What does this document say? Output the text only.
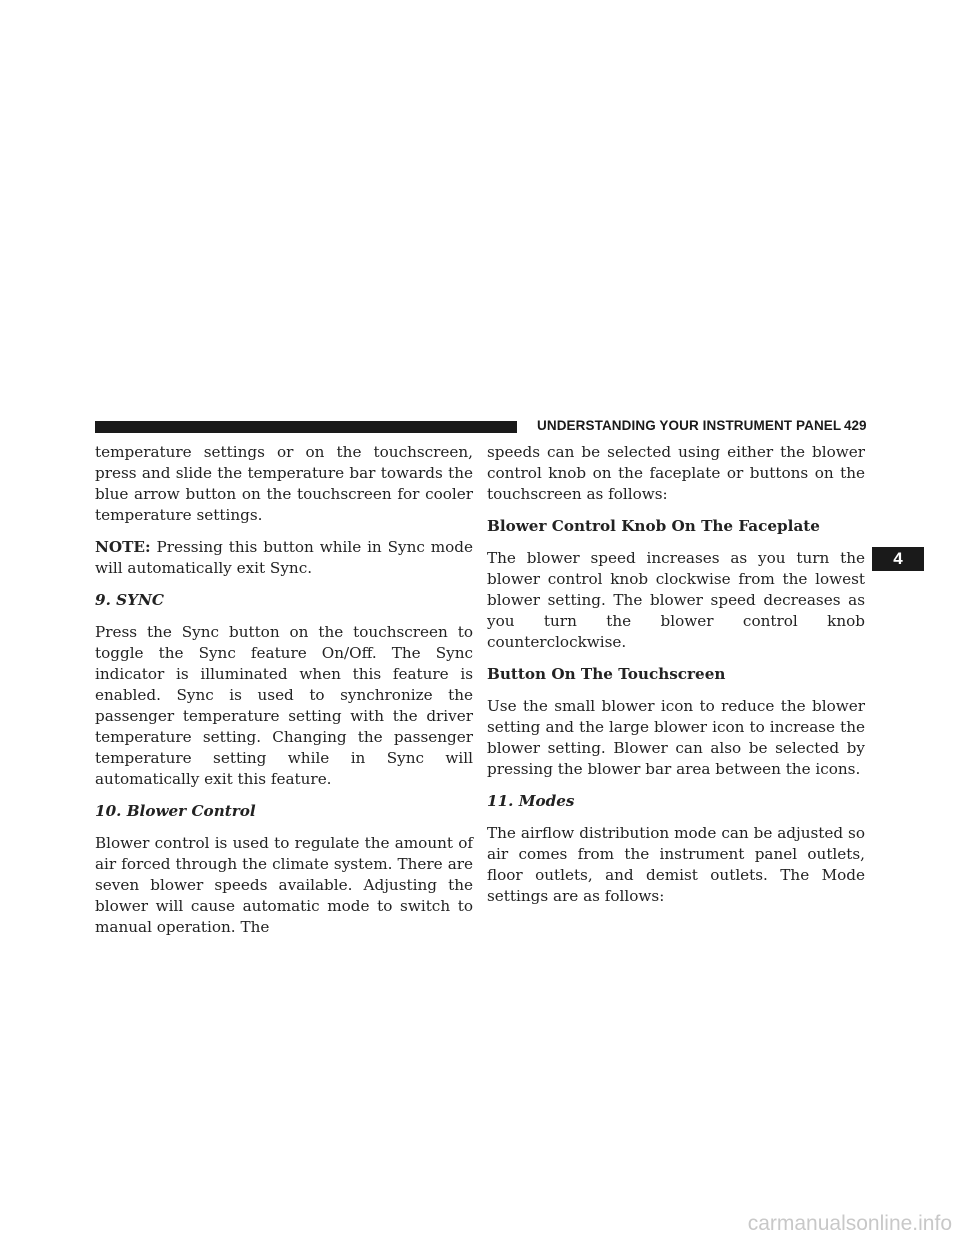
UNDERSTANDING YOUR INSTRUMENT PANEL 429

temperature settings or on the touchscreen, press and slide the temperature bar towards the blue arrow button on the touchscreen for cooler temperature settings.

NOTE: Pressing this button while in Sync mode will automatically exit Sync.

9. SYNC

Press the Sync button on the touchscreen to toggle the Sync feature On/Off. The Sync indicator is illuminated when this feature is enabled. Sync is used to synchronize the passenger temperature setting with the driver temperature setting. Changing the passenger temperature setting while in Sync will automatically exit this feature.

10. Blower Control

Blower control is used to regulate the amount of air forced through the climate system. There are seven blower speeds available. Adjusting the blower will cause automatic mode to switch to manual operation. The

speeds can be selected using either the blower control knob on the faceplate or buttons on the touchscreen as follows:

Blower Control Knob On The Faceplate

The blower speed increases as you turn the blower control knob clockwise from the lowest blower setting. The blower speed decreases as you turn the blower control knob counterclockwise.

Button On The Touchscreen

Use the small blower icon to reduce the blower setting and the large blower icon to increase the blower setting. Blower can also be selected by pressing the blower bar area between the icons.

11. Modes

The airflow distribution mode can be adjusted so air comes from the instrument panel outlets, floor outlets, and demist outlets. The Mode settings are as follows:

4
carmanualsonline.info
